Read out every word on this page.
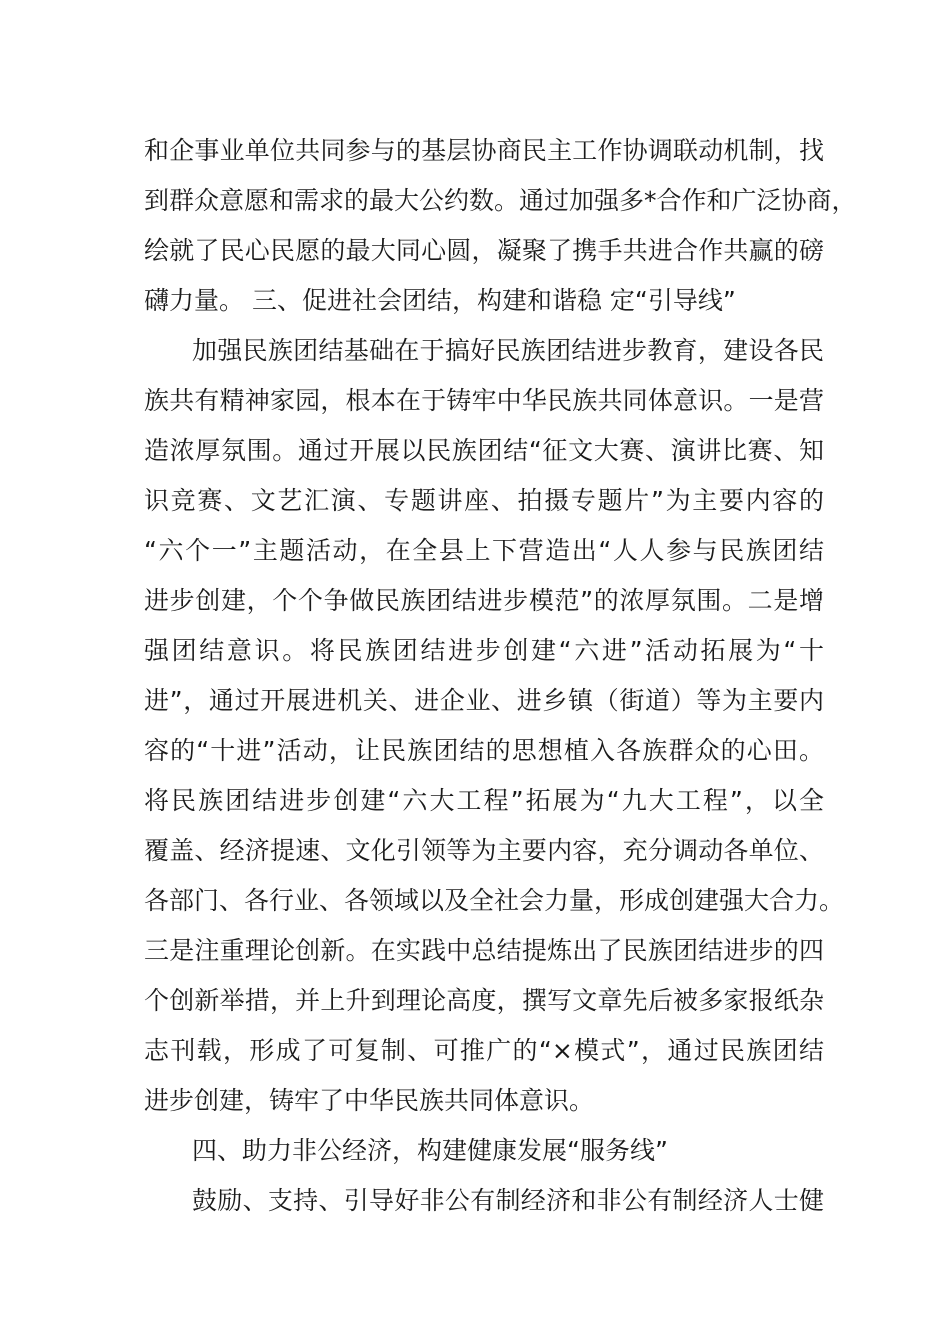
和企事业单位共同参与的基层协商民主工作协调联动机制，找
到群众意愿和需求的最大公约数。通过加强多*合作和广泛协商，
绘就了民心民愿的最大同心圆，凝聚了携手共进合作共赢的磅
礴力量。 三、促进社会团结，构建和谐稳 定“引导线”
加强民族团结基础在于搞好民族团结进步教育，建设各民
族共有精神家园，根本在于铸牢中华民族共同体意识。一是营
造浓厚氛围。通过开展以民族团结“征文大赛、演讲比赛、知
识竞赛、文艺汇演、专题讲座、拍摄专题片”为主要内容的
“六个一”主题活动，在全县上下营造出“人人参与民族团结
进步创建，个个争做民族团结进步模范”的浓厚氛围。二是增
强团结意识。将民族团结进步创建“六进”活动拓展为“十
进”，通过开展进机关、进企业、进乡镇（街道）等为主要内
容的“十进”活动，让民族团结的思想植入各族群众的心田。
将民族团结进步创建“六大工程”拓展为“九大工程”，以全
覆盖、经济提速、文化引领等为主要内容，充分调动各单位、
各部门、各行业、各领域以及全社会力量，形成创建强大合力。
三是注重理论创新。在实践中总结提炼出了民族团结进步的四
个创新举措，并上升到理论高度，撰写文章先后被多家报纸杂
志刊载，形成了可复制、可推广的“×模式”，通过民族团结
进步创建，铸牢了中华民族共同体意识。
四、助力非公经济，构建健康发展“服务线”
鼓励、支持、引导好非公有制经济和非公有制经济人士健
